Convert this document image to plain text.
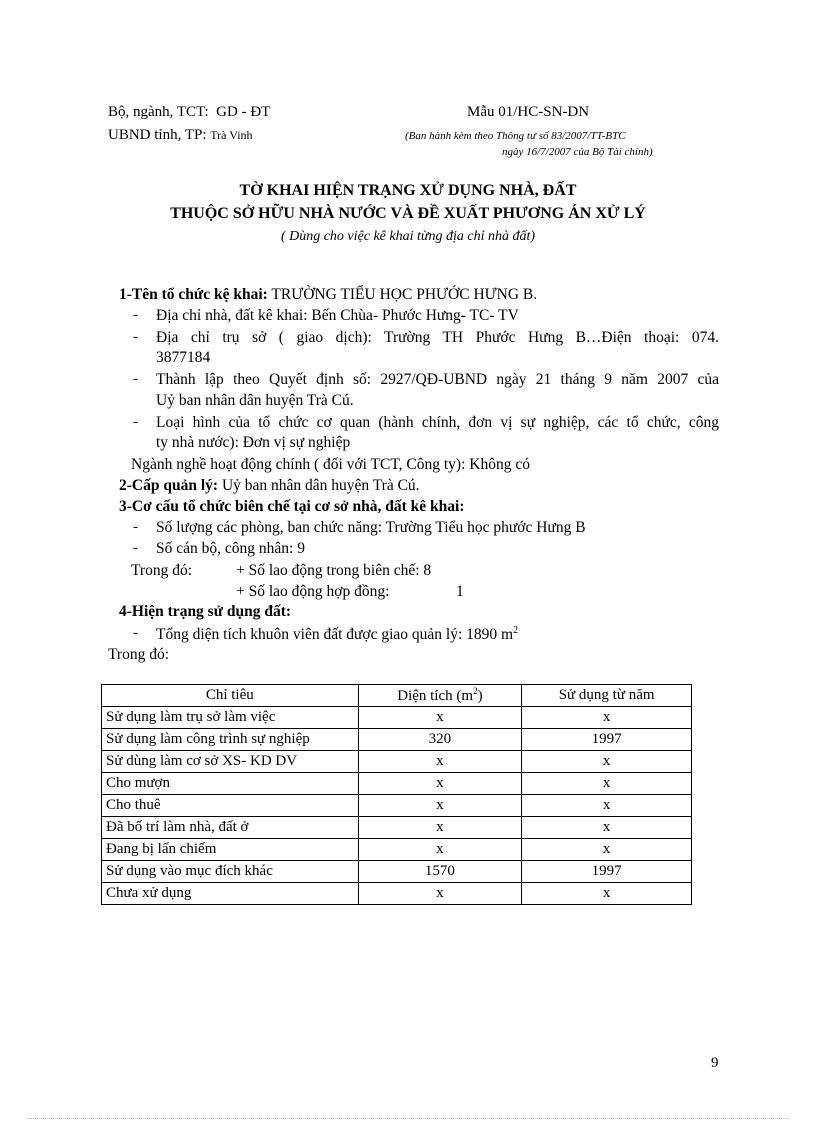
Bộ, ngành, TCT: GD - ĐT
UBND tỉnh, TP: Trà Vinh
Mẫu 01/HC-SN-DN
(Ban hành kèm theo Thông tư số 83/2007/TT-BTC
ngày 16/7/2007 của Bộ Tài chính)
TỜ KHAI HIỆN TRẠNG XỬ DỤNG NHÀ, ĐẤT
THUỘC SỞ HỮU NHÀ NƯỚC VÀ ĐỀ XUẤT PHƯƠNG ÁN XỬ LÝ
( Dùng cho việc kê khai từng địa chỉ nhà đất)
1-Tên tổ chức kệ khai: TRƯỜNG TIỂU HỌC PHƯỚC HƯNG B.
- Địa chỉ nhà, đất kê khai: Bến Chùa- Phước Hưng- TC- TV
- Địa chỉ trụ sở ( giao dịch): Trường TH Phước Hưng B…Điện thoại: 074.
3877184
- Thành lập theo Quyết định số: 2927/QĐ-UBND ngày 21 tháng 9 năm 2007 của
Uỷ ban nhân dân huyện Trà Cú.
- Loại hình của tổ chức cơ quan (hành chính, đơn vị sự nghiệp, các tổ chức, công
ty nhà nước): Đơn vị sự nghiệp
Ngành nghề hoạt động chính ( đối với TCT, Công ty): Không có
2-Cấp quản lý: Uỷ ban nhân dân huyện Trà Cú.
3-Cơ cấu tổ chức biên chế tại cơ sở nhà, đất kê khai:
- Số lượng các phòng, ban chức năng: Trường Tiểu học phước Hưng B
- Số cán bộ, công nhân: 9
Trong đó:	+ Số lao động trong biên chế: 8
+ Số lao động hợp đồng:	1
4-Hiện trạng sử dụng đất:
- Tổng diện tích khuôn viên đất được giao quản lý: 1890 $m^2$
Trong đó:
Chỉ tiêu	Diện tích $(m^2)$	Sử dụng từ năm
Sử dụng làm trụ sở làm việc	x	x
Sử dụng làm công trình sự nghiệp	320	1997
Sử dùng làm cơ sở XS- KD DV	x	x
Cho mượn	x	x
Cho thuê	x	x
Đã bố trí làm nhà, đất ở	x	x
Đang bị lấn chiếm	x	x
Sử dụng vào mục đích khác	1570	1997
Chưa xử dụng	x	x
9
